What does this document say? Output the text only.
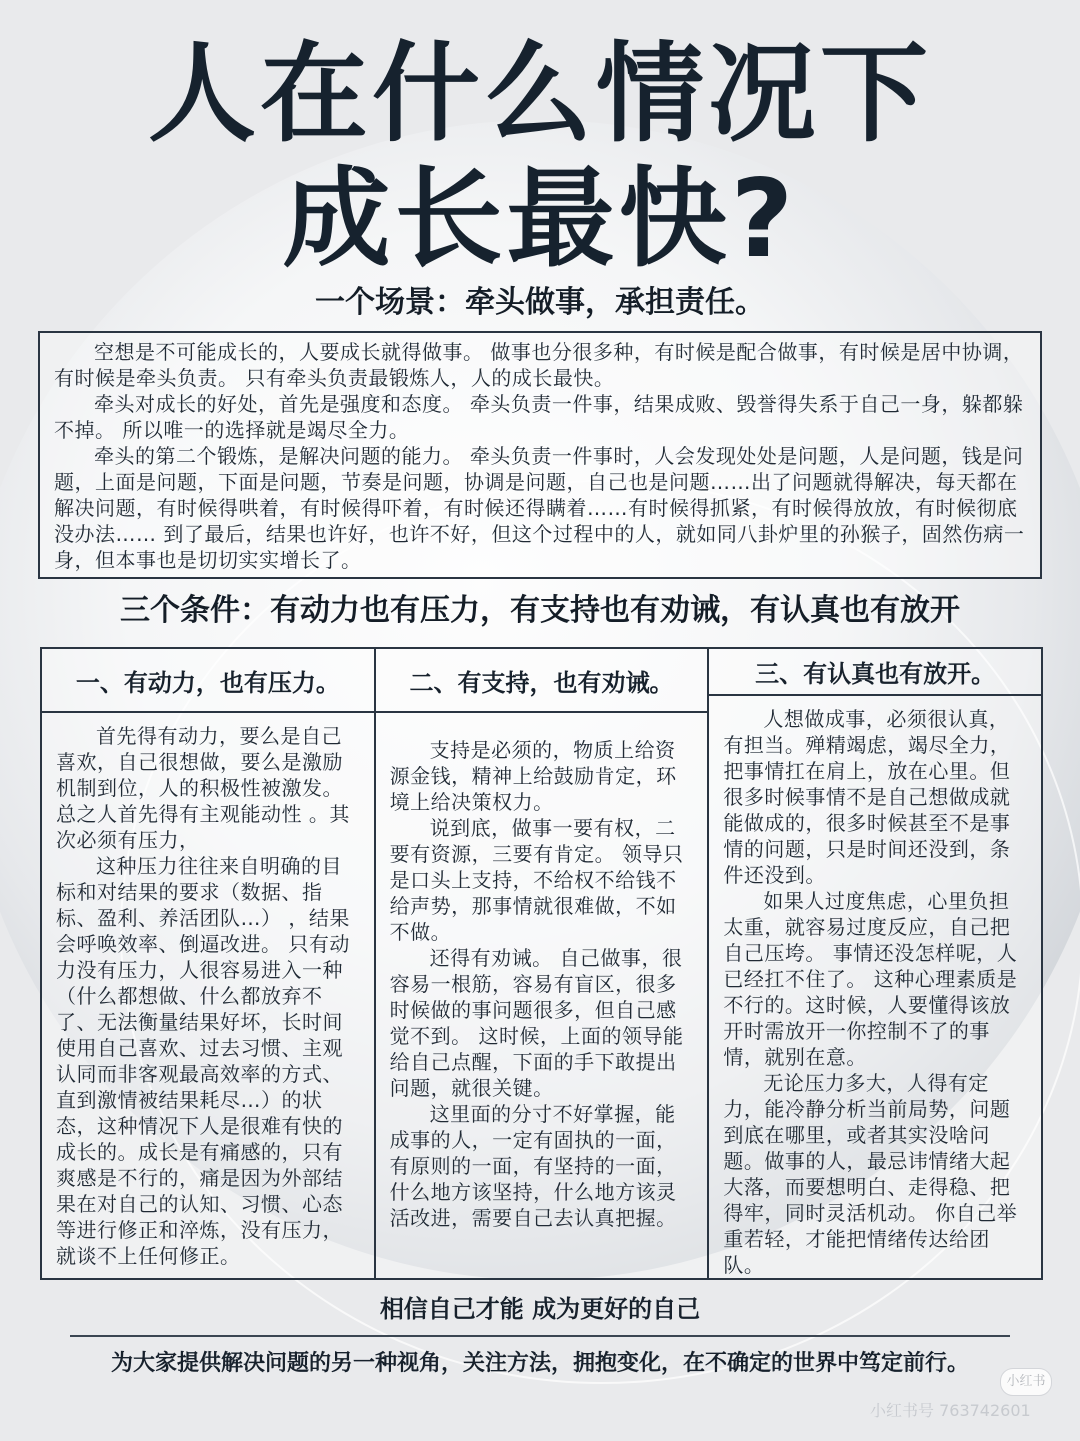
人在什么情况下
成长最快?
一个场景：牵头做事，承担责任。

空想是不可能成长的，人要成长就得做事。 做事也分很多种，有时候是配合做事，有时候是居中协调，有时候是牵头负责。 只有牵头负责最锻炼人，人的成长最快。

牵头对成长的好处，首先是强度和态度。 牵头负责一件事，结果成败、毁誉得失系于自己一身，躲都躲不掉。 所以唯一的选择就是竭尽全力。

牵头的第二个锻炼，是解决问题的能力。 牵头负责一件事时，人会发现处处是问题，人是问题，钱是问题，上面是问题，下面是问题，节奏是问题，协调是问题，自己也是问题……出了问题就得解决，每天都在解决问题，有时候得哄着，有时候得吓着，有时候还得瞒着……有时候得抓紧，有时候得放放，有时候彻底没办法…… 到了最后，结果也许好，也许不好，但这个过程中的人，就如同八卦炉里的孙猴子，固然伤病一身，但本事也是切切实实增长了。

三个条件：有动力也有压力，有支持也有劝诫，有认真也有放开
一、有动力，也有压力。

首先得有动力，要么是自己喜欢，自己很想做，要么是激励机制到位，人的积极性被激发。总之人首先得有主观能动性 。其次必须有压力，

这种压力往往来自明确的目标和对结果的要求（数据、指标、盈利、养活团队…） ，结果会呼唤效率、倒逼改进。 只有动力没有压力，人很容易进入一种（什么都想做、什么都放弃不了、无法衡量结果好坏，长时间使用自己喜欢、过去习惯、主观认同而非客观最高效率的方式、直到激情被结果耗尽…）的状态，这种情况下人是很难有快的成长的。成长是有痛感的，只有爽感是不行的，痛是因为外部结果在对自己的认知、习惯、心态等进行修正和淬炼，没有压力，就谈不上任何修正。

二、有支持，也有劝诫。

支持是必须的，物质上给资源金钱，精神上给鼓励肯定，环境上给决策权力。

说到底，做事一要有权，二要有资源，三要有肯定。 领导只是口头上支持，不给权不给钱不给声势，那事情就很难做，不如不做。

还得有劝诫。 自己做事，很容易一根筋，容易有盲区，很多时候做的事问题很多，但自己感觉不到。 这时候，上面的领导能给自己点醒，下面的手下敢提出问题，就很关键。

这里面的分寸不好掌握，能成事的人，一定有固执的一面，有原则的一面，有坚持的一面，什么地方该坚持，什么地方该灵活改进，需要自己去认真把握。

三、有认真也有放开。

人想做成事，必须很认真，有担当。殚精竭虑，竭尽全力，把事情扛在肩上，放在心里。但很多时候事情不是自己想做成就能做成的，很多时候甚至不是事情的问题，只是时间还没到，条件还没到。

如果人过度焦虑，心里负担太重，就容易过度反应，自己把自己压垮。 事情还没怎样呢，人已经扛不住了。 这种心理素质是不行的。这时候，人要懂得该放开时需放开一你控制不了的事情，就别在意。

无论压力多大，人得有定力，能冷静分析当前局势，问题到底在哪里，或者其实没啥问题。做事的人，最忌讳情绪大起大落，而要想明白、走得稳、把得牢，同时灵活机动。 你自己举重若轻，才能把情绪传达给团队。

相信自己才能 成为更好的自己
为大家提供解决问题的另一种视角，关注方法，拥抱变化，在不确定的世界中笃定前行。
小红书
小红书号 763742601
